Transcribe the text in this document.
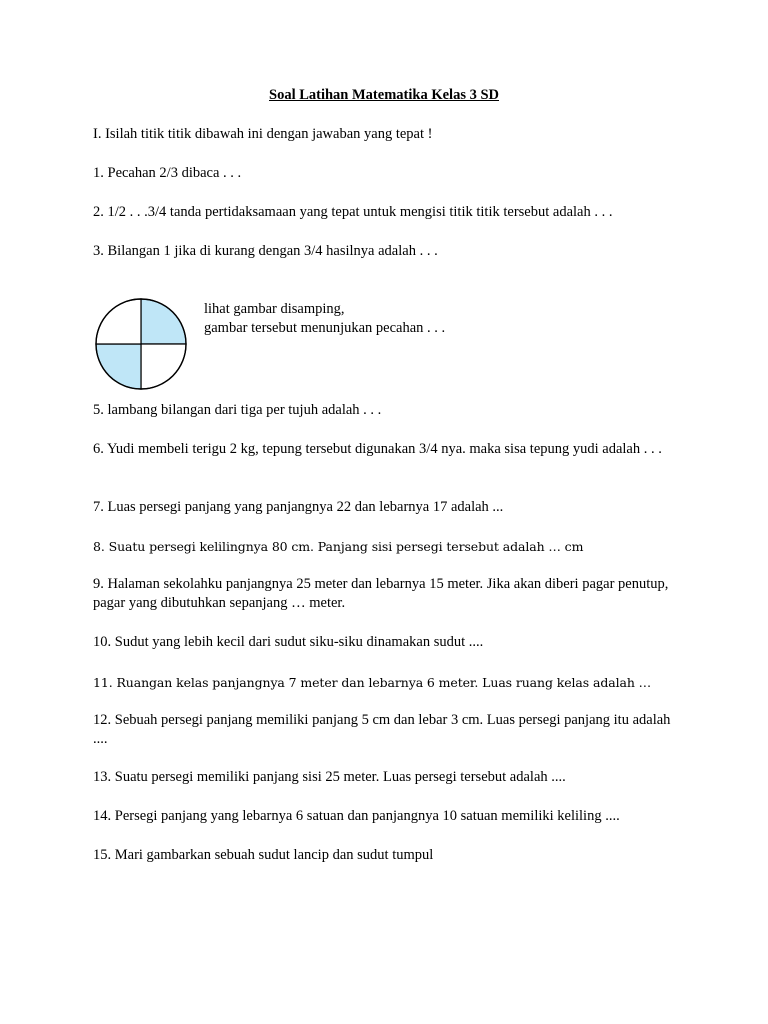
Soal Latihan Matematika Kelas 3 SD
I. Isilah titik titik dibawah ini dengan jawaban yang tepat !
1. Pecahan 2/3 dibaca . . .
2. 1/2 . . .3/4 tanda pertidaksamaan yang tepat untuk mengisi titik titik tersebut adalah . . .
3. Bilangan 1 jika di kurang dengan 3/4 hasilnya adalah . . .
lihat gambar disamping,
gambar tersebut menunjukan pecahan . . .
5. lambang bilangan dari tiga per tujuh adalah . . .
6. Yudi membeli terigu 2 kg, tepung tersebut digunakan 3/4 nya. maka sisa tepung yudi adalah . . .
7. Luas persegi panjang yang panjangnya 22 dan lebarnya 17 adalah ...
8. Suatu persegi kelilingnya 80 cm. Panjang sisi persegi tersebut adalah … cm
9. Halaman sekolahku panjangnya 25 meter dan lebarnya 15 meter. Jika akan diberi pagar penutup, pagar yang dibutuhkan sepanjang … meter.
10. Sudut yang lebih kecil dari sudut siku-siku dinamakan sudut ....
11. Ruangan kelas panjangnya 7 meter dan lebarnya 6 meter. Luas ruang kelas adalah …
12. Sebuah persegi panjang memiliki panjang 5 cm dan lebar 3 cm. Luas persegi panjang itu adalah ....
13. Suatu persegi memiliki panjang sisi 25 meter. Luas persegi tersebut adalah ....
14. Persegi panjang yang lebarnya 6 satuan dan panjangnya 10 satuan memiliki keliling ....
15. Mari gambarkan sebuah sudut lancip dan sudut tumpul
